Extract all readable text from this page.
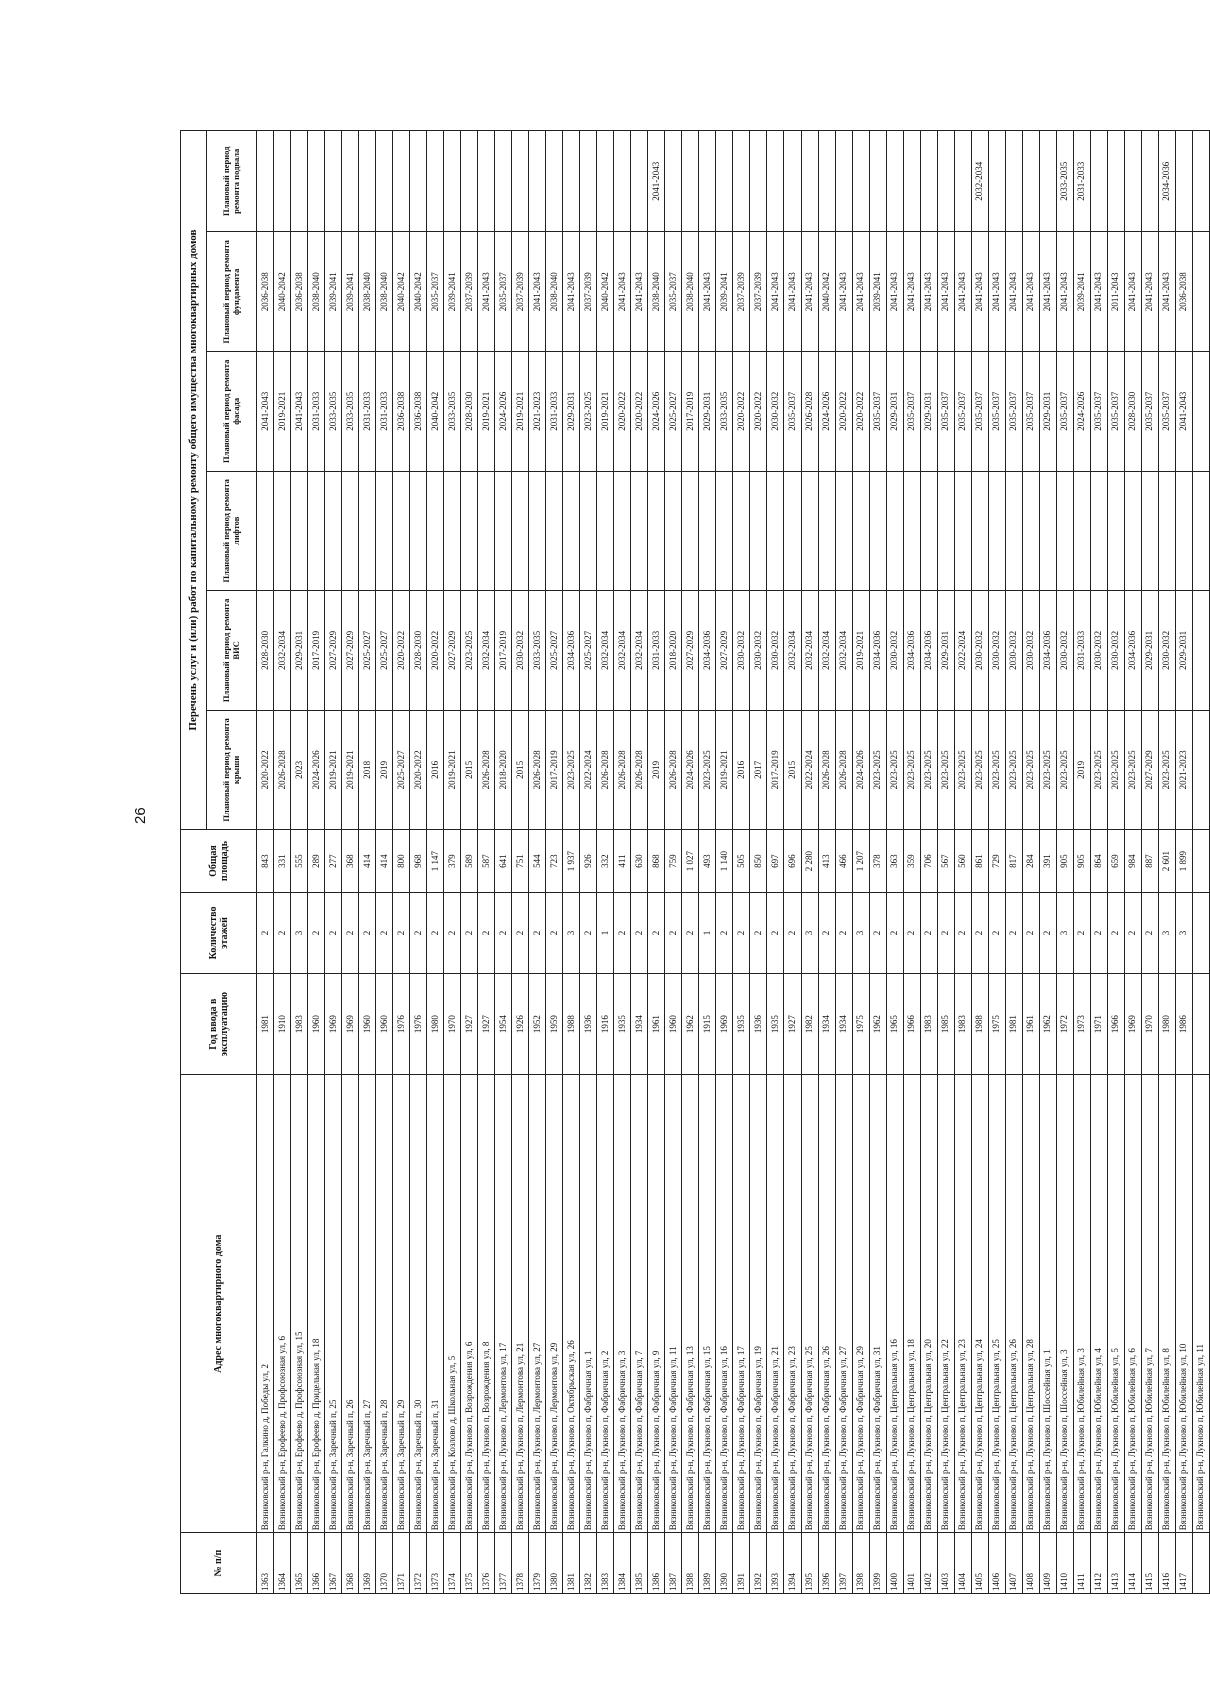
26
№ п/п	Адрес многоквартирного дома	Год ввода в эксплуатацию	Количество этажей	Общая площадь	Перечень услуг и (или) работ по капитальному ремонту общего имущества многоквартирных домов					
					Плановый период ремонта крыши	Плановый период ремонта ВИС	Плановый период ремонта лифтов	Плановый период ремонта фасада	Плановый период ремонта фундамента	Плановый период ремонта подвала
1363	Вязниковский р-н, Галкино д, Победы ул, 2	1981	2	843	2020-2022	2028-2030		2041-2043	2036-2038	
1364	Вязниковский р-н, Ерофеево д, Профсоюзная ул, 6	1910	2	331	2026-2028	2032-2034		2019-2021	2040-2042	
1365	Вязниковский р-н, Ерофеево д, Профсоюзная ул, 15	1983	3	555	2023	2029-2031		2041-2043	2036-2038	
1366	Вязниковский р-н, Ерофеево д, Придельная ул, 18	1960	2	289	2024-2026	2017-2019		2031-2033	2038-2040	
1367	Вязниковский р-н, Заречный п, 25	1969	2	277	2019-2021	2027-2029		2033-2035	2039-2041	
1368	Вязниковский р-н, Заречный п, 26	1969	2	368	2019-2021	2027-2029		2033-2035	2039-2041	
1369	Вязниковский р-н, Заречный п, 27	1960	2	414	2018	2025-2027		2031-2033	2038-2040	
1370	Вязниковский р-н, Заречный п, 28	1960	2	414	2019	2025-2027		2031-2033	2038-2040	
1371	Вязниковский р-н, Заречный п, 29	1976	2	800	2025-2027	2020-2022		2036-2038	2040-2042	
1372	Вязниковский р-н, Заречный п, 30	1976	2	968	2020-2022	2028-2030		2036-2038	2040-2042	
1373	Вязниковский р-н, Заречный п, 31	1980	2	1 147	2016	2020-2022		2040-2042	2035-2037	
1374	Вязниковский р-н, Козлово д, Школьная ул, 5	1970	2	379	2019-2021	2027-2029		2033-2035	2039-2041	
1375	Вязниковский р-н, Лукново п, Возрождения ул, 6	1927	2	589	2015	2023-2025		2028-2030	2037-2039	
1376	Вязниковский р-н, Лукново п, Возрождения ул, 8	1927	2	587	2026-2028	2032-2034		2019-2021	2041-2043	
1377	Вязниковский р-н, Лукново п, Лермонтова ул, 17	1954	2	641	2018-2020	2017-2019		2024-2026	2035-2037	
1378	Вязниковский р-н, Лукново п, Лермонтова ул, 21	1926	2	751	2015	2030-2032		2019-2021	2037-2039	
1379	Вязниковский р-н, Лукново п, Лермонтова ул, 27	1952	2	544	2026-2028	2033-2035		2021-2023	2041-2043	
1380	Вязниковский р-н, Лукново п, Лермонтова ул, 29	1959	2	723	2017-2019	2025-2027		2031-2033	2038-2040	
1381	Вязниковский р-н, Лукново п, Октябрьская ул, 26	1988	3	1 937	2023-2025	2034-2036		2029-2031	2041-2043	
1382	Вязниковский р-н, Лукново п, Фабричная ул, 1	1936	2	926	2022-2024	2025-2027		2023-2025	2037-2039	
1383	Вязниковский р-н, Лукново п, Фабричная ул, 2	1916	1	332	2026-2028	2032-2034		2019-2021	2040-2042	
1384	Вязниковский р-н, Лукново п, Фабричная ул, 3	1935	2	411	2026-2028	2032-2034		2020-2022	2041-2043	
1385	Вязниковский р-н, Лукново п, Фабричная ул, 7	1934	2	630	2026-2028	2032-2034		2020-2022	2041-2043	
1386	Вязниковский р-н, Лукново п, Фабричная ул, 9	1961	2	868	2019	2031-2033		2024-2026	2038-2040	2041-2043
1387	Вязниковский р-н, Лукново п, Фабричная ул, 11	1960	2	759	2026-2028	2018-2020		2025-2027	2035-2037	
1388	Вязниковский р-н, Лукново п, Фабричная ул, 13	1962	2	1 027	2024-2026	2027-2029		2017-2019	2038-2040	
1389	Вязниковский р-н, Лукново п, Фабричная ул, 15	1915	1	493	2023-2025	2034-2036		2029-2031	2041-2043	
1390	Вязниковский р-н, Лукново п, Фабричная ул, 16	1969	2	1 140	2019-2021	2027-2029		2033-2035	2039-2041	
1391	Вязниковский р-н, Лукново п, Фабричная ул, 17	1935	2	505	2016	2030-2032		2020-2022	2037-2039	
1392	Вязниковский р-н, Лукново п, Фабричная ул, 19	1936	2	850	2017	2030-2032		2020-2022	2037-2039	
1393	Вязниковский р-н, Лукново п, Фабричная ул, 21	1935	2	697	2017-2019	2030-2032		2030-2032	2041-2043	
1394	Вязниковский р-н, Лукново п, Фабричная ул, 23	1927	2	696	2015	2032-2034		2035-2037	2041-2043	
1395	Вязниковский р-н, Лукново п, Фабричная ул, 25	1982	3	2 280	2022-2024	2032-2034		2026-2028	2041-2043	
1396	Вязниковский р-н, Лукново п, Фабричная ул, 26	1934	2	413	2026-2028	2032-2034		2024-2026	2040-2042	
1397	Вязниковский р-н, Лукново п, Фабричная ул, 27	1934	2	466	2026-2028	2032-2034		2020-2022	2041-2043	
1398	Вязниковский р-н, Лукново п, Фабричная ул, 29	1975	3	1 207	2024-2026	2019-2021		2020-2022	2041-2043	
1399	Вязниковский р-н, Лукново п, Фабричная ул, 31	1962	2	378	2023-2025	2034-2036		2035-2037	2039-2041	
1400	Вязниковский р-н, Лукново п, Центральная ул, 16	1965	2	363	2023-2025	2030-2032		2029-2031	2041-2043	
1401	Вязниковский р-н, Лукново п, Центральная ул, 18	1966	2	359	2023-2025	2034-2036		2035-2037	2041-2043	
1402	Вязниковский р-н, Лукново п, Центральная ул, 20	1983	2	706	2023-2025	2034-2036		2029-2031	2041-2043	
1403	Вязниковский р-н, Лукново п, Центральная ул, 22	1985	2	567	2023-2025	2029-2031		2035-2037	2041-2043	
1404	Вязниковский р-н, Лукново п, Центральная ул, 23	1983	2	560	2023-2025	2022-2024		2035-2037	2041-2043	
1405	Вязниковский р-н, Лукново п, Центральная ул, 24	1988	2	861	2023-2025	2030-2032		2035-2037	2041-2043	2032-2034
1406	Вязниковский р-н, Лукново п, Центральная ул, 25	1975	2	729	2023-2025	2030-2032		2035-2037	2041-2043	
1407	Вязниковский р-н, Лукново п, Центральная ул, 26	1981	2	817	2023-2025	2030-2032		2035-2037	2041-2043	
1408	Вязниковский р-н, Лукново п, Центральная ул, 28	1961	2	284	2023-2025	2030-2032		2035-2037	2041-2043	
1409	Вязниковский р-н, Лукново п, Шоссейная ул, 1	1962	2	391	2023-2025	2034-2036		2029-2031	2041-2043	
1410	Вязниковский р-н, Лукново п, Шоссейная ул, 3	1972	3	905	2023-2025	2030-2032		2035-2037	2041-2043	2033-2035
1411	Вязниковский р-н, Лукново п, Юбилейная ул, 3	1973	2	905	2019	2031-2033		2024-2026	2039-2041	2031-2033
1412	Вязниковский р-н, Лукново п, Юбилейная ул, 4	1971	2	864	2023-2025	2030-2032		2035-2037	2041-2043	
1413	Вязниковский р-н, Лукново п, Юбилейная ул, 5	1966	2	659	2023-2025	2030-2032		2035-2037	2011-2043	
1414	Вязниковский р-н, Лукново п, Юбилейная ул, 6	1969	2	984	2023-2025	2034-2036		2028-2030	2041-2043	
1415	Вязниковский р-н, Лукново п, Юбилейная ул, 7	1970	2	887	2027-2029	2029-2031		2035-2037	2041-2043	
1416	Вязниковский р-н, Лукново п, Юбилейная ул, 8	1980	3	2 601	2023-2025	2030-2032		2035-2037	2041-2043	2034-2036
1417	Вязниковский р-н, Лукново п, Юбилейная ул, 10	1986	3	1 899	2021-2023	2029-2031		2041-2043	2036-2038	
	Вязниковский р-н, Лукново п, Юбилейная ул, 11									
